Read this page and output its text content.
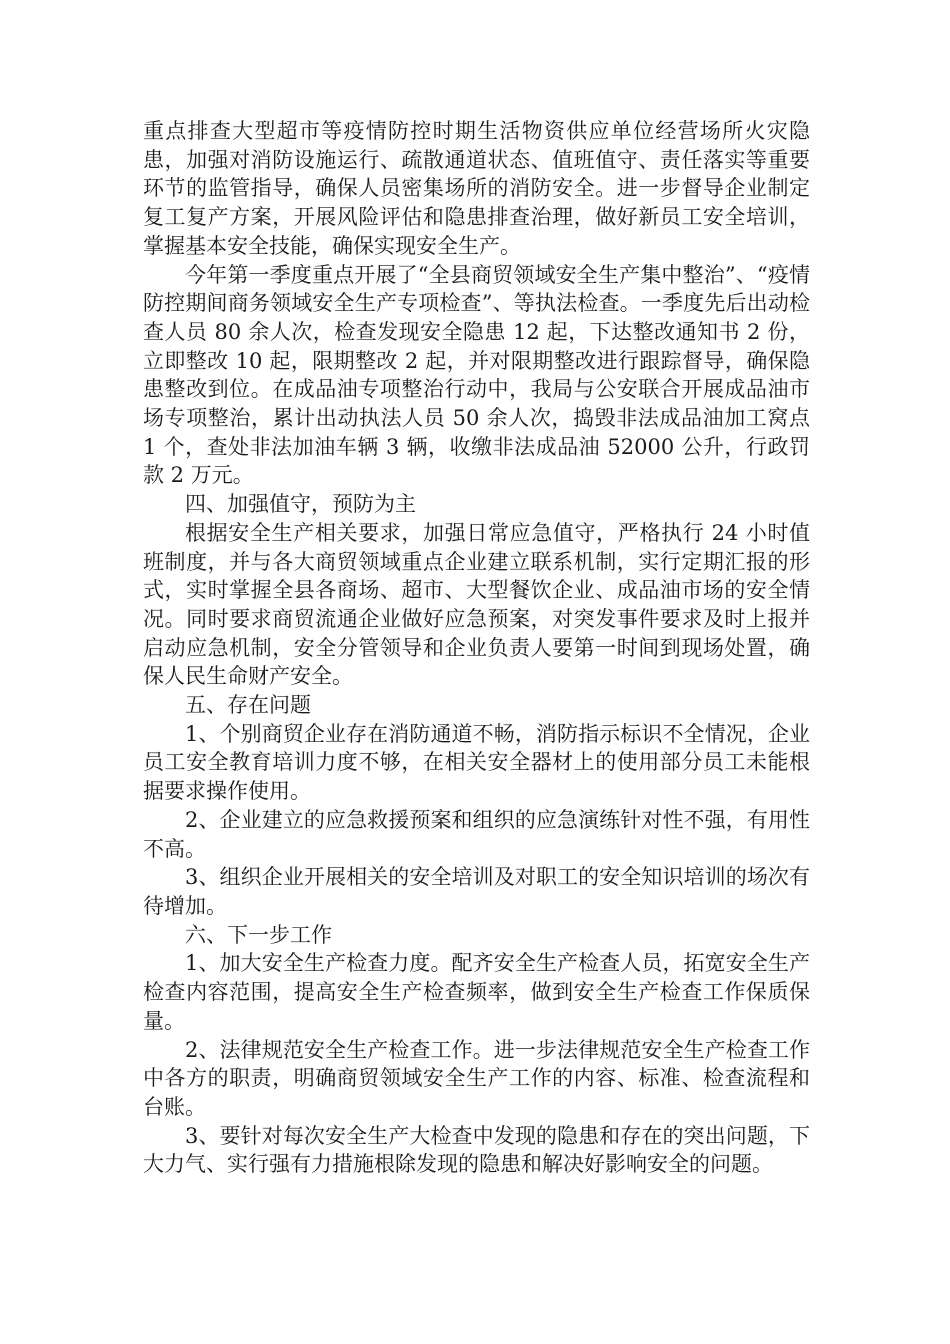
重点排查大型超市等疫情防控时期生活物资供应单位经营场所火灾隐患，加强对消防设施运行、疏散通道状态、值班值守、责任落实等重要环节的监管指导，确保人员密集场所的消防安全。进一步督导企业制定复工复产方案，开展风险评估和隐患排查治理，做好新员工安全培训，掌握基本安全技能，确保实现安全生产。

今年第一季度重点开展了“全县商贸领域安全生产集中整治”、“疫情防控期间商务领域安全生产专项检查”、等执法检查。一季度先后出动检查人员 80 余人次，检查发现安全隐患 12 起，下达整改通知书 2 份，立即整改 10 起，限期整改 2 起，并对限期整改进行跟踪督导，确保隐患整改到位。在成品油专项整治行动中，我局与公安联合开展成品油市场专项整治，累计出动执法人员 50 余人次，捣毁非法成品油加工窝点 1 个，查处非法加油车辆 3 辆，收缴非法成品油 52000 公升，行政罚款 2 万元。

四、加强值守，预防为主

根据安全生产相关要求，加强日常应急值守，严格执行 24 小时值班制度，并与各大商贸领域重点企业建立联系机制，实行定期汇报的形式，实时掌握全县各商场、超市、大型餐饮企业、成品油市场的安全情况。同时要求商贸流通企业做好应急预案，对突发事件要求及时上报并启动应急机制，安全分管领导和企业负责人要第一时间到现场处置，确保人民生命财产安全。

五、存在问题

1、个别商贸企业存在消防通道不畅，消防指示标识不全情况，企业员工安全教育培训力度不够，在相关安全器材上的使用部分员工未能根据要求操作使用。

2、企业建立的应急救援预案和组织的应急演练针对性不强，有用性不高。

3、组织企业开展相关的安全培训及对职工的安全知识培训的场次有待增加。

六、下一步工作

1、加大安全生产检查力度。配齐安全生产检查人员，拓宽安全生产检查内容范围，提高安全生产检查频率，做到安全生产检查工作保质保量。

2、法律规范安全生产检查工作。进一步法律规范安全生产检查工作中各方的职责，明确商贸领域安全生产工作的内容、标准、检查流程和台账。

3、要针对每次安全生产大检查中发现的隐患和存在的突出问题，下大力气、实行强有力措施根除发现的隐患和解决好影响安全的问题。
